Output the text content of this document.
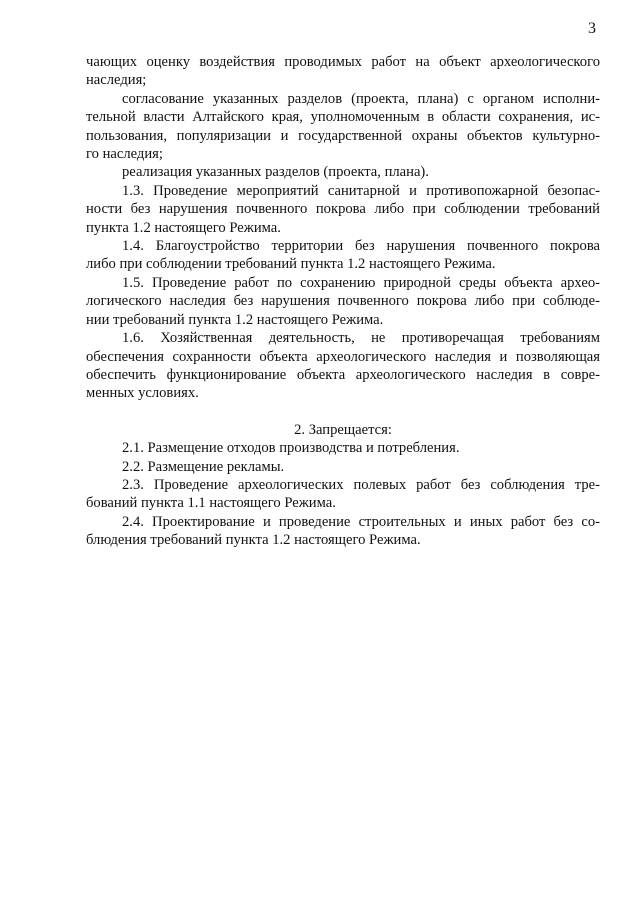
3

чающих оценку воздействия проводимых работ на объект археологического
наследия;

согласование указанных разделов (проекта, плана) с органом исполни-
тельной власти Алтайского края, уполномоченным в области сохранения, ис-
пользования, популяризации и государственной охраны объектов культурно-
го наследия;

реализация указанных разделов (проекта, плана).

1.3. Проведение мероприятий санитарной и противопожарной безопас-
ности без нарушения почвенного покрова либо при соблюдении требований
пункта 1.2 настоящего Режима.

1.4. Благоустройство территории без нарушения почвенного покрова
либо при соблюдении требований пункта 1.2 настоящего Режима.

1.5. Проведение работ по сохранению природной среды объекта архео-
логического наследия без нарушения почвенного покрова либо при соблюде-
нии требований пункта 1.2 настоящего Режима.

1.6. Хозяйственная деятельность, не противоречащая требованиям
обеспечения сохранности объекта археологического наследия и позволяющая
обеспечить функционирование объекта археологического наследия в совре-
менных условиях.

2. Запрещается:

2.1. Размещение отходов производства и потребления.

2.2. Размещение рекламы.

2.3. Проведение археологических полевых работ без соблюдения тре-
бований пункта 1.1 настоящего Режима.

2.4. Проектирование и проведение строительных и иных работ без со-
блюдения требований пункта 1.2 настоящего Режима.
